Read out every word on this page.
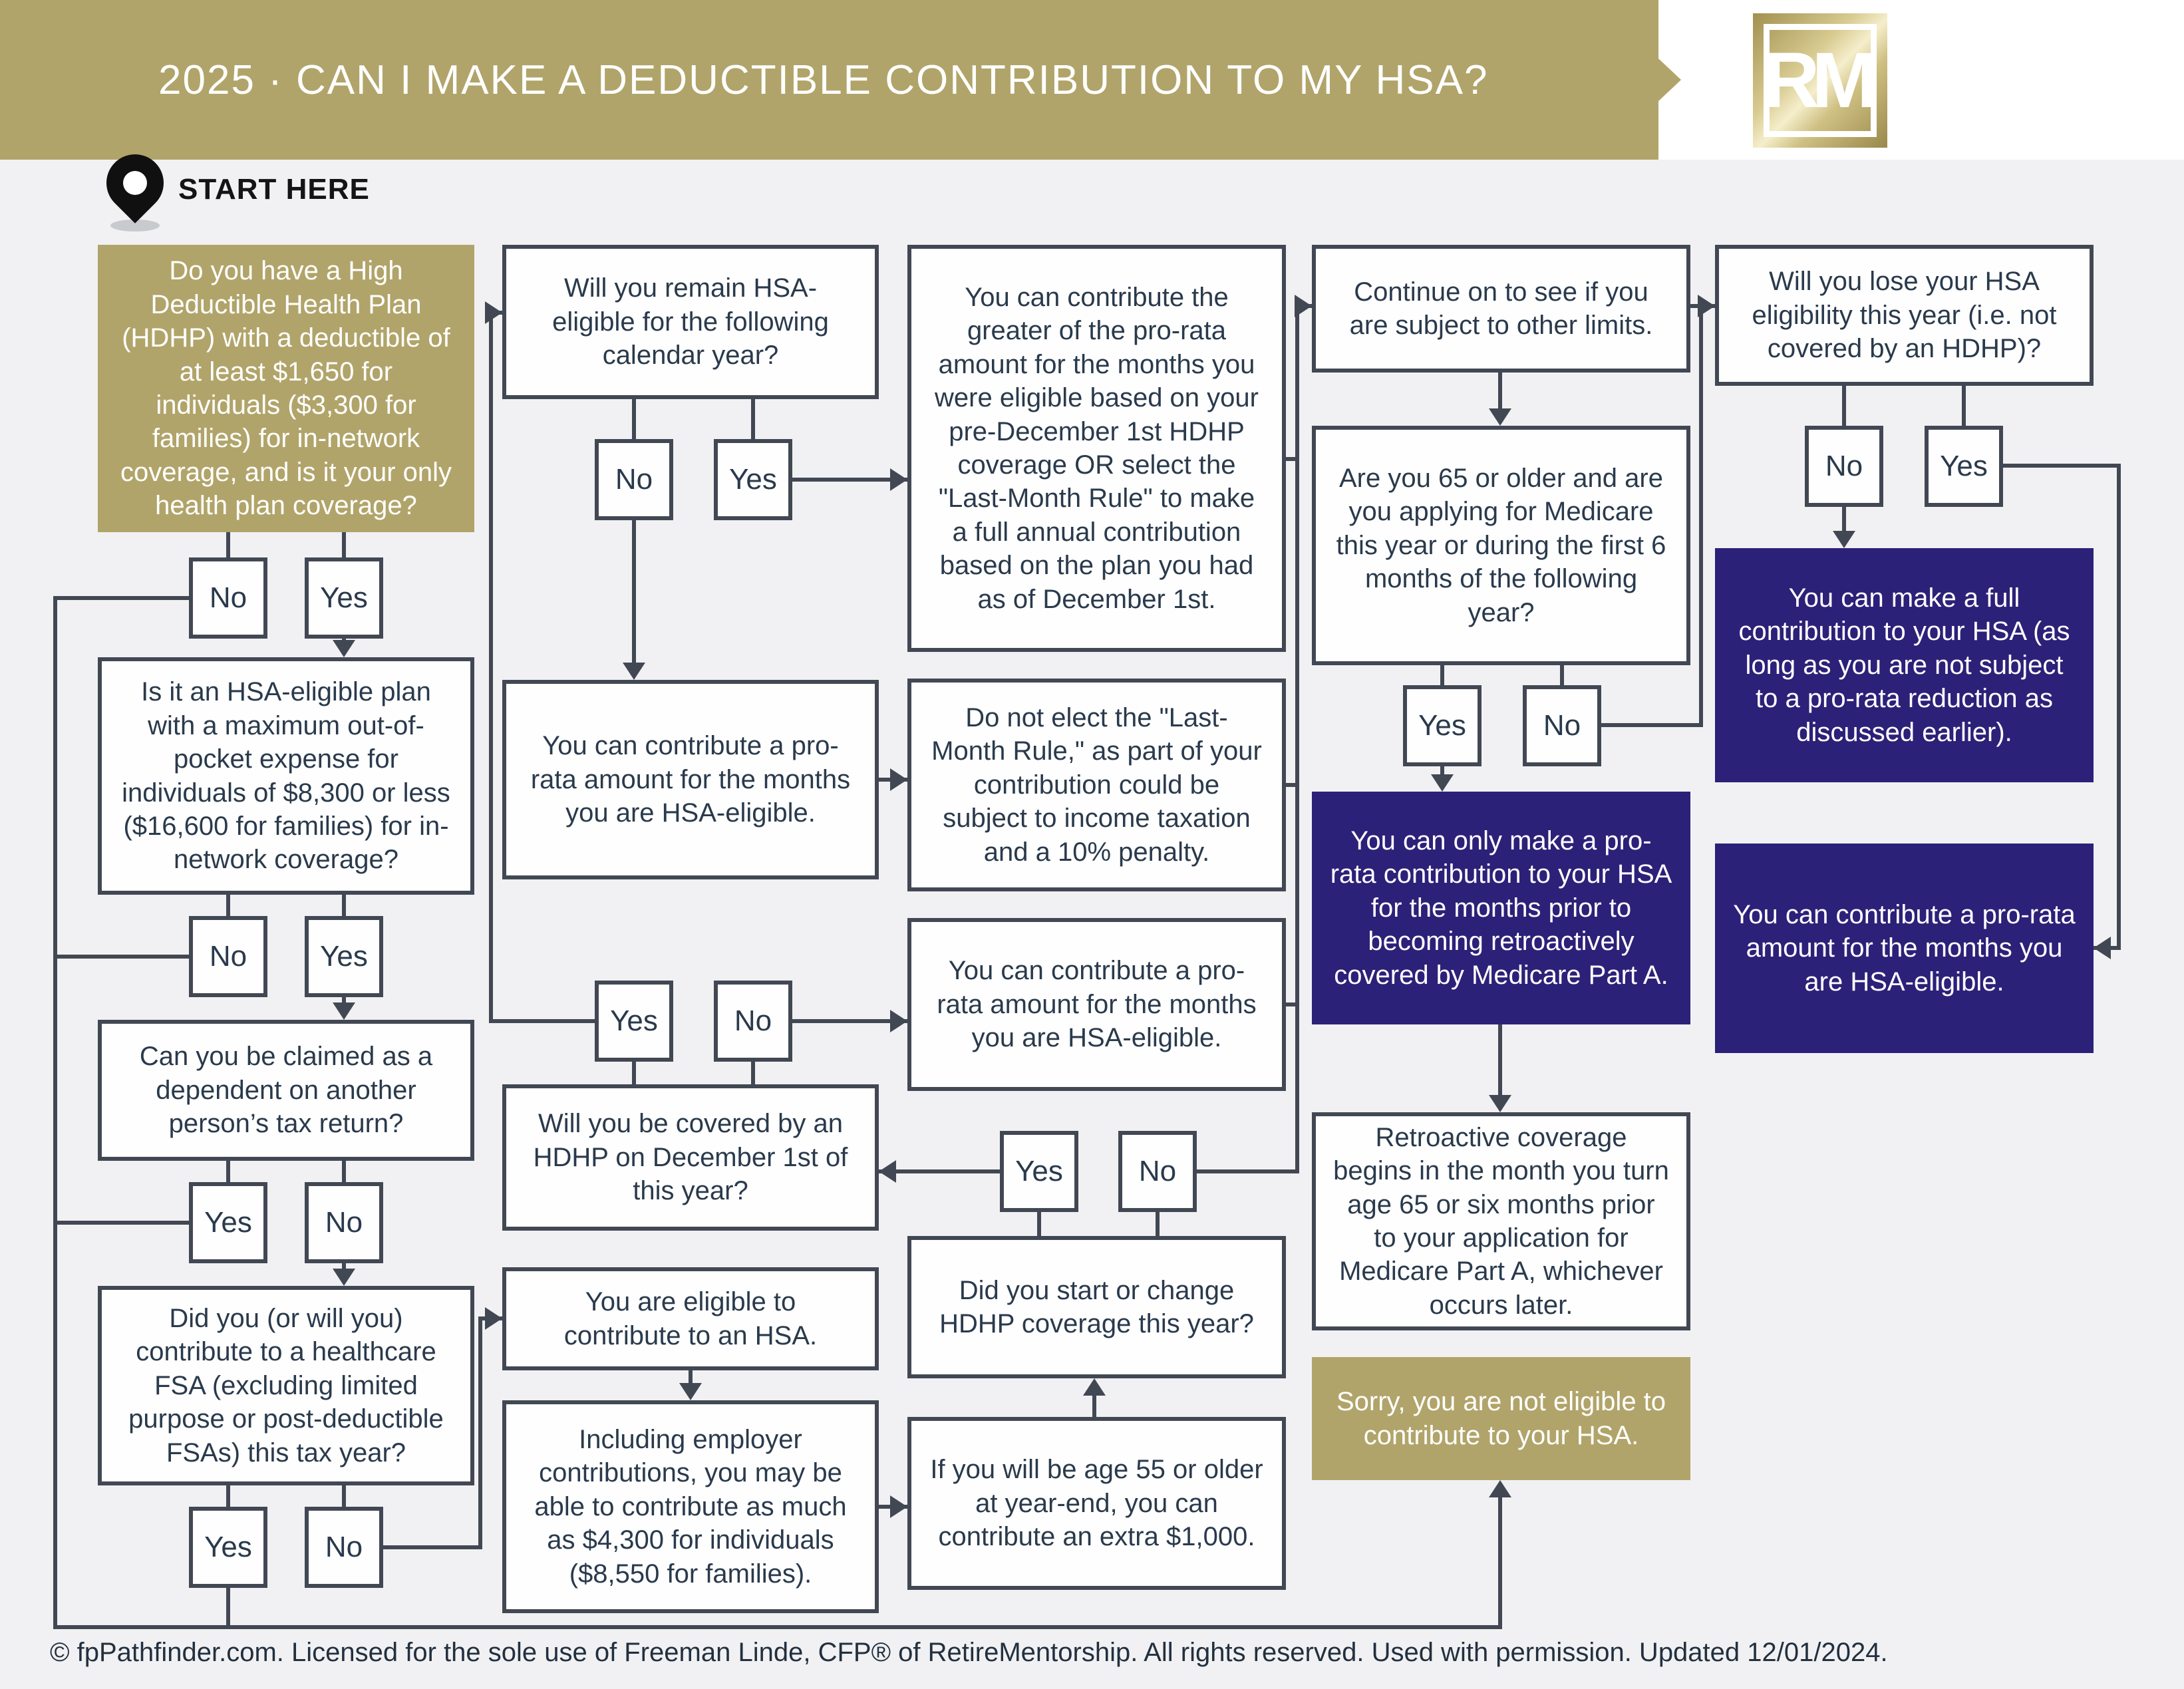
2025 · CAN I MAKE A DEDUCTIBLE CONTRIBUTION TO MY HSA?	RM
START HERE
Do you have a High Deductible Health Plan (HDHP) with a deductible of at least $1,650 for individuals ($3,300 for families) for in-network coverage, and is it your only health plan coverage?
Is it an HSA-eligible plan with a maximum out-of-pocket expense for individuals of $8,300 or less ($16,600 for families) for in-network coverage?
Can you be claimed as a dependent on another person’s tax return?
Did you (or will you) contribute to a healthcare FSA (excluding limited purpose or post-deductible FSAs) this tax year?
Will you remain HSA-eligible for the following calendar year?
You can contribute a pro-rata amount for the months you are HSA-eligible.
Will you be covered by an HDHP on December 1st of this year?
You are eligible to contribute to an HSA.
Including employer contributions, you may be able to contribute as much as $4,300 for individuals ($8,550 for families).
You can contribute the greater of the pro-rata amount for the months you were eligible based on your pre-December 1st HDHP coverage OR select the "Last-Month Rule" to make a full annual contribution based on the plan you had as of December 1st.
Do not elect the "Last-Month Rule," as part of your contribution could be subject to income taxation and a 10% penalty.
You can contribute a pro-rata amount for the months you are HSA-eligible.
Did you start or change HDHP coverage this year?
If you will be age 55 or older at year-end, you can contribute an extra $1,000.
Continue on to see if you are subject to other limits.
Are you 65 or older and are you applying for Medicare this year or during the first 6 months of the following year?
You can only make a pro-rata contribution to your HSA for the months prior to becoming retroactively covered by Medicare Part A.
Retroactive coverage begins in the month you turn age 65 or six months prior to your application for Medicare Part A, whichever occurs later.
Sorry, you are not eligible to contribute to your HSA.
Will you lose your HSA eligibility this year (i.e. not covered by an HDHP)?
You can make a full contribution to your HSA (as long as you are not subject to a pro-rata reduction as discussed earlier).
You can contribute a pro-rata amount for the months you are HSA-eligible.
No Yes
No Yes
Yes No
Yes No
No	Yes
Yes	No
Yes	No
Yes	No
No	Yes
© fpPathfinder.com. Licensed for the sole use of Freeman Linde, CFP® of RetireMentorship. All rights reserved. Used with permission. Updated 12/01/2024.
